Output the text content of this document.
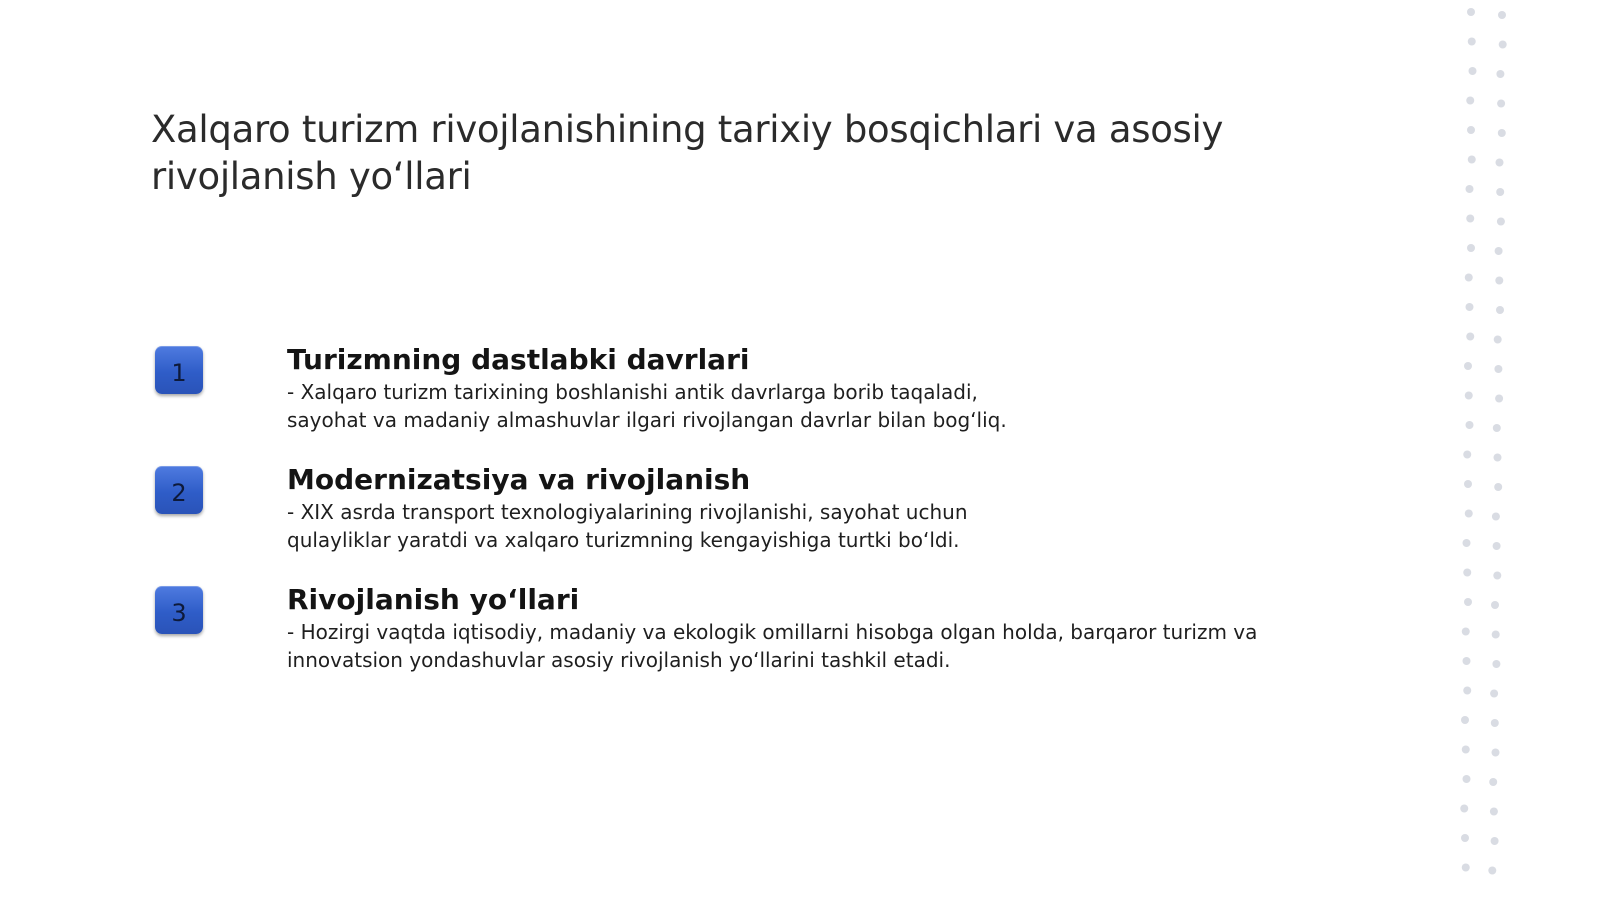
Xalqaro turizm rivojlanishining tarixiy bosqichlari va asosiy rivojlanish yo‘llari
1	Turizmning dastlabki davrlari

- Xalqaro turizm tarixining boshlanishi antik davrlarga borib taqaladi,
sayohat va madaniy almashuvlar ilgari rivojlangan davrlar bilan bog‘liq.

2	Modernizatsiya va rivojlanish

- XIX asrda transport texnologiyalarining rivojlanishi, sayohat uchun
qulayliklar yaratdi va xalqaro turizmning kengayishiga turtki bo‘ldi.

3	Rivojlanish yo‘llari

- Hozirgi vaqtda iqtisodiy, madaniy va ekologik omillarni hisobga olgan holda, barqaror turizm va
innovatsion yondashuvlar asosiy rivojlanish yo‘llarini tashkil etadi.
